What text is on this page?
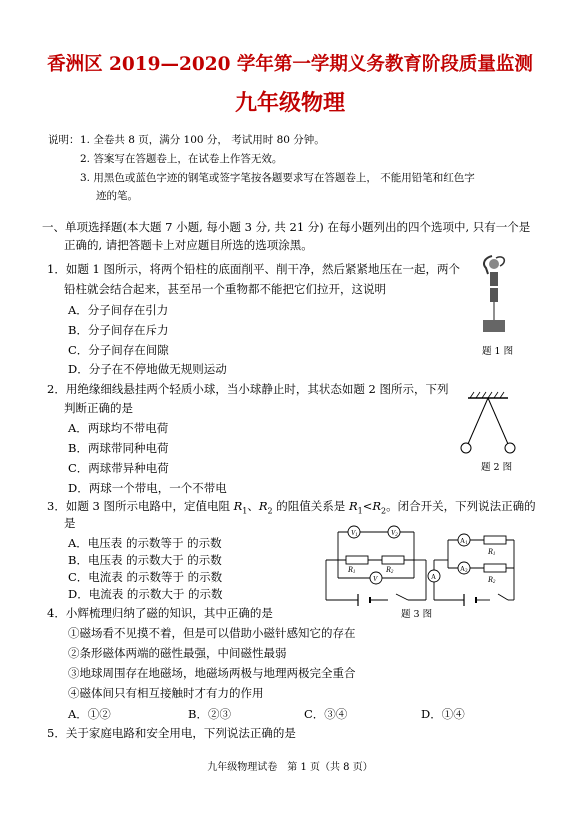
香洲区 2019—2020 学年第一学期义务教育阶段质量监测
九年级物理
说明： 1. 全卷共 8 页，满分 100 分， 考试用时 80 分钟。
2. 答案写在答题卷上，在试卷上作答无效。
3. 用黑色或蓝色字迹的钢笔或签字笔按各题要求写在答题卷上， 不能用铅笔和红色字
迹的笔。
一、单项选择题(本大题 7 小题, 每小题 3 分, 共 21 分) 在每小题列出的四个选项中, 只有一个是
正确的, 请把答题卡上对应题目所选的选项涂黑。
1．如题 1 图所示，将两个铅柱的底面削平、削干净，然后紧紧地压在一起，两个
铅柱就会结合起来，甚至吊一个重物都不能把它们拉开，这说明
A．分子间存在引力
B．分子间存在斥力
C．分子间存在间隙
D．分子在不停地做无规则运动
题 1 图
2．用绝缘细线悬挂两个轻质小球，当小球静止时，其状态如题 2 图所示，下列
判断正确的是
A．两球均不带电荷
B．两球带同种电荷
C．两球带异种电荷
D．两球一个带电，一个不带电
题 2 图
3．如题 3 图所示电路中，定值电阻 $R_1$、$R_2$ 的阻值关系是 $R_1<R_2$。闭合开关，下列说法正确的
是
A．电压表 的示数等于 的示数
B．电压表 的示数大于 的示数
C．电流表 的示数等于 的示数
D．电流表 的示数大于 的示数
V1	V2
V
R1	R2
A
A1
A2
R1
R2
题 3 图
4．小辉梳理归纳了磁的知识，其中正确的是
①磁场看不见摸不着，但是可以借助小磁针感知它的存在
②条形磁体两端的磁性最强，中间磁性最弱
③地球周围存在地磁场，地磁场两极与地理两极完全重合
④磁体间只有相互接触时才有力的作用
A．①②	B．②③	C．③④	D．①④
5．关于家庭电路和安全用电，下列说法正确的是
九年级物理试卷　第 1 页（共 8 页）
